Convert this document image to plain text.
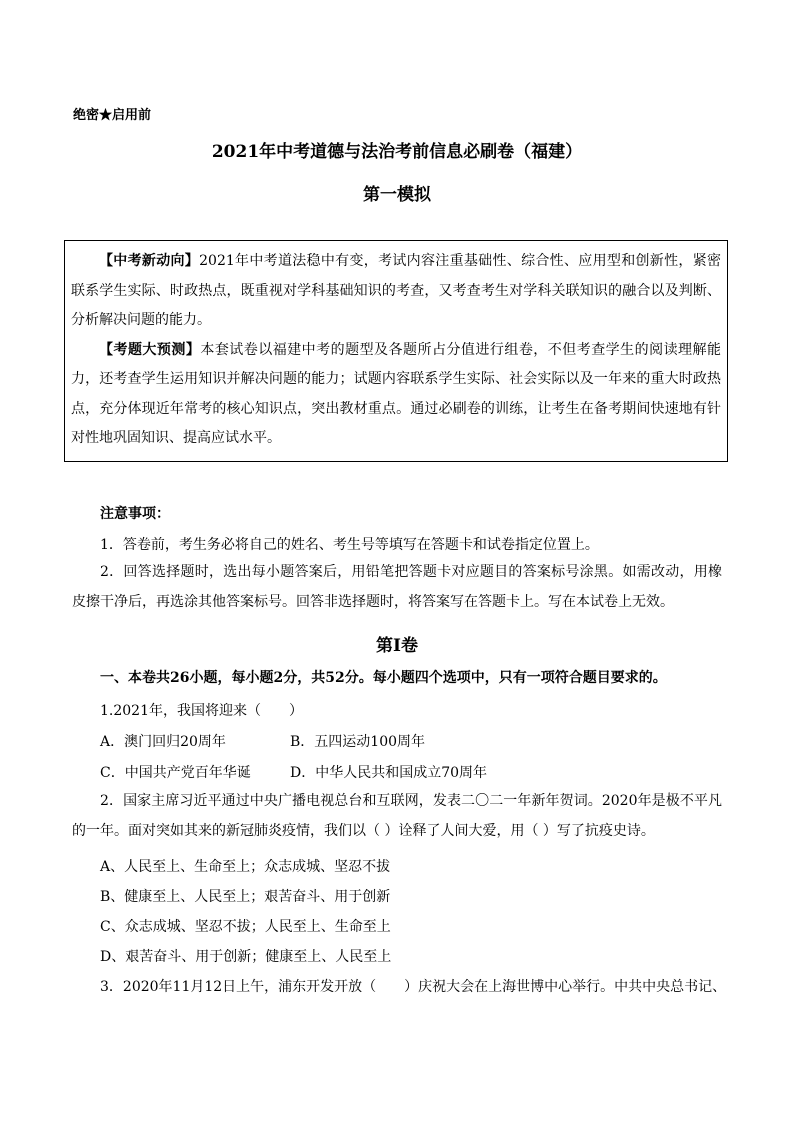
绝密★启用前
2021年中考道德与法治考前信息必刷卷（福建）
第一模拟

【中考新动向】2021年中考道法稳中有变，考试内容注重基础性、综合性、应用型和创新性，紧密联系学生实际、时政热点，既重视对学科基础知识的考查，又考查考生对学科关联知识的融合以及判断、分析解决问题的能力。

【考题大预测】本套试卷以福建中考的题型及各题所占分值进行组卷，不但考查学生的阅读理解能力，还考查学生运用知识并解决问题的能力；试题内容联系学生实际、社会实际以及一年来的重大时政热点，充分体现近年常考的核心知识点，突出教材重点。通过必刷卷的训练，让考生在备考期间快速地有针对性地巩固知识、提高应试水平。

注意事项：
1．答卷前，考生务必将自己的姓名、考生号等填写在答题卡和试卷指定位置上。
2．回答选择题时，选出每小题答案后，用铅笔把答题卡对应题目的答案标号涂黑。如需改动，用橡皮擦干净后，再选涂其他答案标号。回答非选择题时，将答案写在答题卡上。写在本试卷上无效。
第Ⅰ卷
一、本卷共26小题，每小题2分，共52分。每小题四个选项中，只有一项符合题目要求的。
1.2021年，我国将迎来（　　）
A．澳门回归20周年	B．五四运动100周年
C．中国共产党百年华诞	D．中华人民共和国成立70周年
2．国家主席习近平通过中央广播电视总台和互联网，发表二〇二一年新年贺词。2020年是极不平凡的一年。面对突如其来的新冠肺炎疫情，我们以（ ）诠释了人间大爱，用（ ）写了抗疫史诗。
A、人民至上、生命至上；众志成城、坚忍不拔
B、健康至上、人民至上；艰苦奋斗、用于创新
C、众志成城、坚忍不拔；人民至上、生命至上
D、艰苦奋斗、用于创新；健康至上、人民至上
3．2020年11月12日上午，浦东开发开放（　　）庆祝大会在上海世博中心举行。中共中央总书记、
